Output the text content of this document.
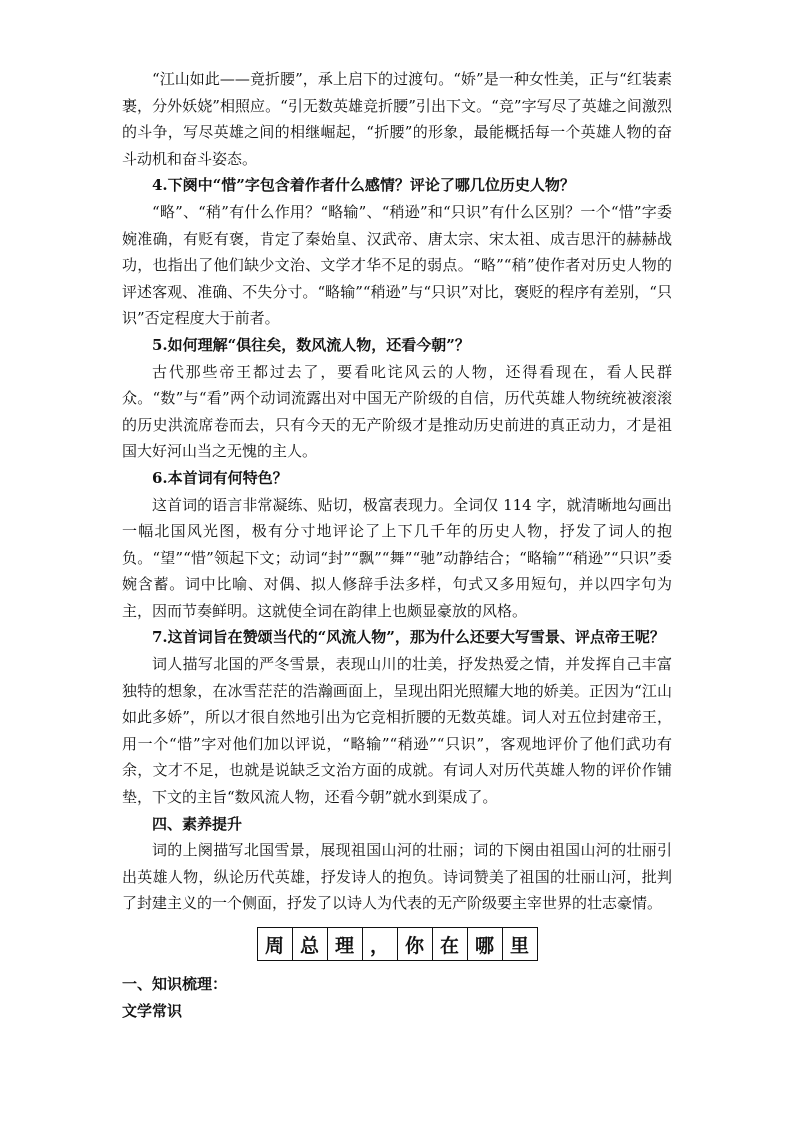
“江山如此——竟折腰”，承上启下的过渡句。“娇”是一种女性美，正与“红装素裹，分外妖娆”相照应。“引无数英雄竞折腰”引出下文。“竞”字写尽了英雄之间激烈的斗争，写尽英雄之间的相继崛起，“折腰”的形象，最能概括每一个英雄人物的奋斗动机和奋斗姿态。

4.下阕中“惜”字包含着作者什么感情？评论了哪几位历史人物？

“略”、“稍”有什么作用？“略输”、“稍逊”和“只识”有什么区别？一个“惜”字委婉准确，有贬有褒，肯定了秦始皇、汉武帝、唐太宗、宋太祖、成吉思汗的赫赫战功，也指出了他们缺少文治、文学才华不足的弱点。“略”“稍”使作者对历史人物的评述客观、准确、不失分寸。“略输”“稍逊”与“只识”对比，褒贬的程序有差别，“只识”否定程度大于前者。

5.如何理解“俱往矣，数风流人物，还看今朝”？

古代那些帝王都过去了，要看叱诧风云的人物，还得看现在，看人民群众。“数”与“看”两个动词流露出对中国无产阶级的自信，历代英雄人物统统被滚滚的历史洪流席卷而去，只有今天的无产阶级才是推动历史前进的真正动力，才是祖国大好河山当之无愧的主人。

6.本首词有何特色？

这首词的语言非常凝练、贴切，极富表现力。全词仅 114 字，就清晰地勾画出一幅北国风光图，极有分寸地评论了上下几千年的历史人物，抒发了词人的抱负。“望”“惜”领起下文；动词“封”“飘”“舞”“驰”动静结合；“略输”“稍逊”“只识”委婉含蓄。词中比喻、对偶、拟人修辞手法多样，句式又多用短句，并以四字句为主，因而节奏鲜明。这就使全词在韵律上也颇显豪放的风格。

7.这首词旨在赞颂当代的“风流人物”，那为什么还要大写雪景、评点帝王呢？

词人描写北国的严冬雪景，表现山川的壮美，抒发热爱之情，并发挥自己丰富独特的想象，在冰雪茫茫的浩瀚画面上，呈现出阳光照耀大地的娇美。正因为“江山如此多娇”，所以才很自然地引出为它竞相折腰的无数英雄。词人对五位封建帝王，用一个“惜”字对他们加以评说，“略输”“稍逊”“只识”，客观地评价了他们武功有余，文才不足，也就是说缺乏文治方面的成就。有词人对历代英雄人物的评价作铺垫，下文的主旨“数风流人物，还看今朝”就水到渠成了。

四、素养提升

词的上阕描写北国雪景，展现祖国山河的壮丽；词的下阕由祖国山河的壮丽引出英雄人物，纵论历代英雄，抒发诗人的抱负。诗词赞美了祖国的壮丽山河，批判了封建主义的一个侧面，抒发了以诗人为代表的无产阶级要主宰世界的壮志豪情。

周	总	理	，	你	在	哪	里

一、知识梳理：

文学常识
